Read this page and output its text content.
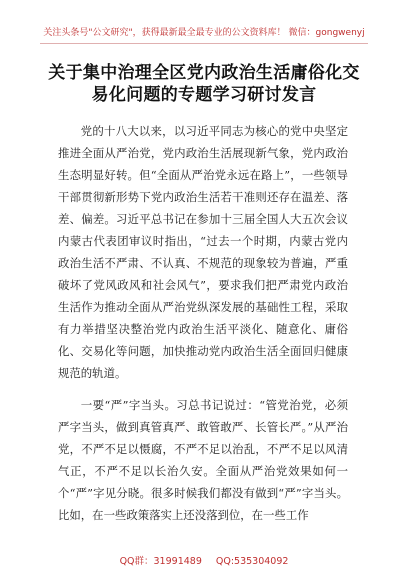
关注头条号"公文研究"，获得最新最全最专业的公文资料库！ 微信：gongwenyj
关于集中治理全区党内政治生活庸俗化交
易化问题的专题学习研讨发言

党的十八大以来，以习近平同志为核心的党中央坚定推进全面从严治党，党内政治生活展现新气象，党内政治生态明显好转。但“全面从严治党永远在路上”，一些领导干部贯彻新形势下党内政治生活若干准则还存在温差、落差、偏差。习近平总书记在参加十三届全国人大五次会议内蒙古代表团审议时指出，“过去一个时期，内蒙古党内政治生活不严肃、不认真、不规范的现象较为普遍，严重破坏了党风政风和社会风气”，要求我们把严肃党内政治生活作为推动全面从严治党纵深发展的基础性工程，采取有力举措坚决整治党内政治生活平淡化、随意化、庸俗化、交易化等问题，加快推动党内政治生活全面回归健康规范的轨道。

一要“严”字当头。习总书记说过：“管党治党，必须严字当头，做到真管真严、敢管敢严、长管长严。”从严治党，不严不足以慑腐，不严不足以治乱，不严不足以风清气正，不严不足以长治久安。全面从严治党效果如何一个“严”字见分晓。很多时候我们都没有做到“严”字当头。比如，在一些政策落实上还没落到位，在一些工作

QQ群：31991489 QQ:535304092
